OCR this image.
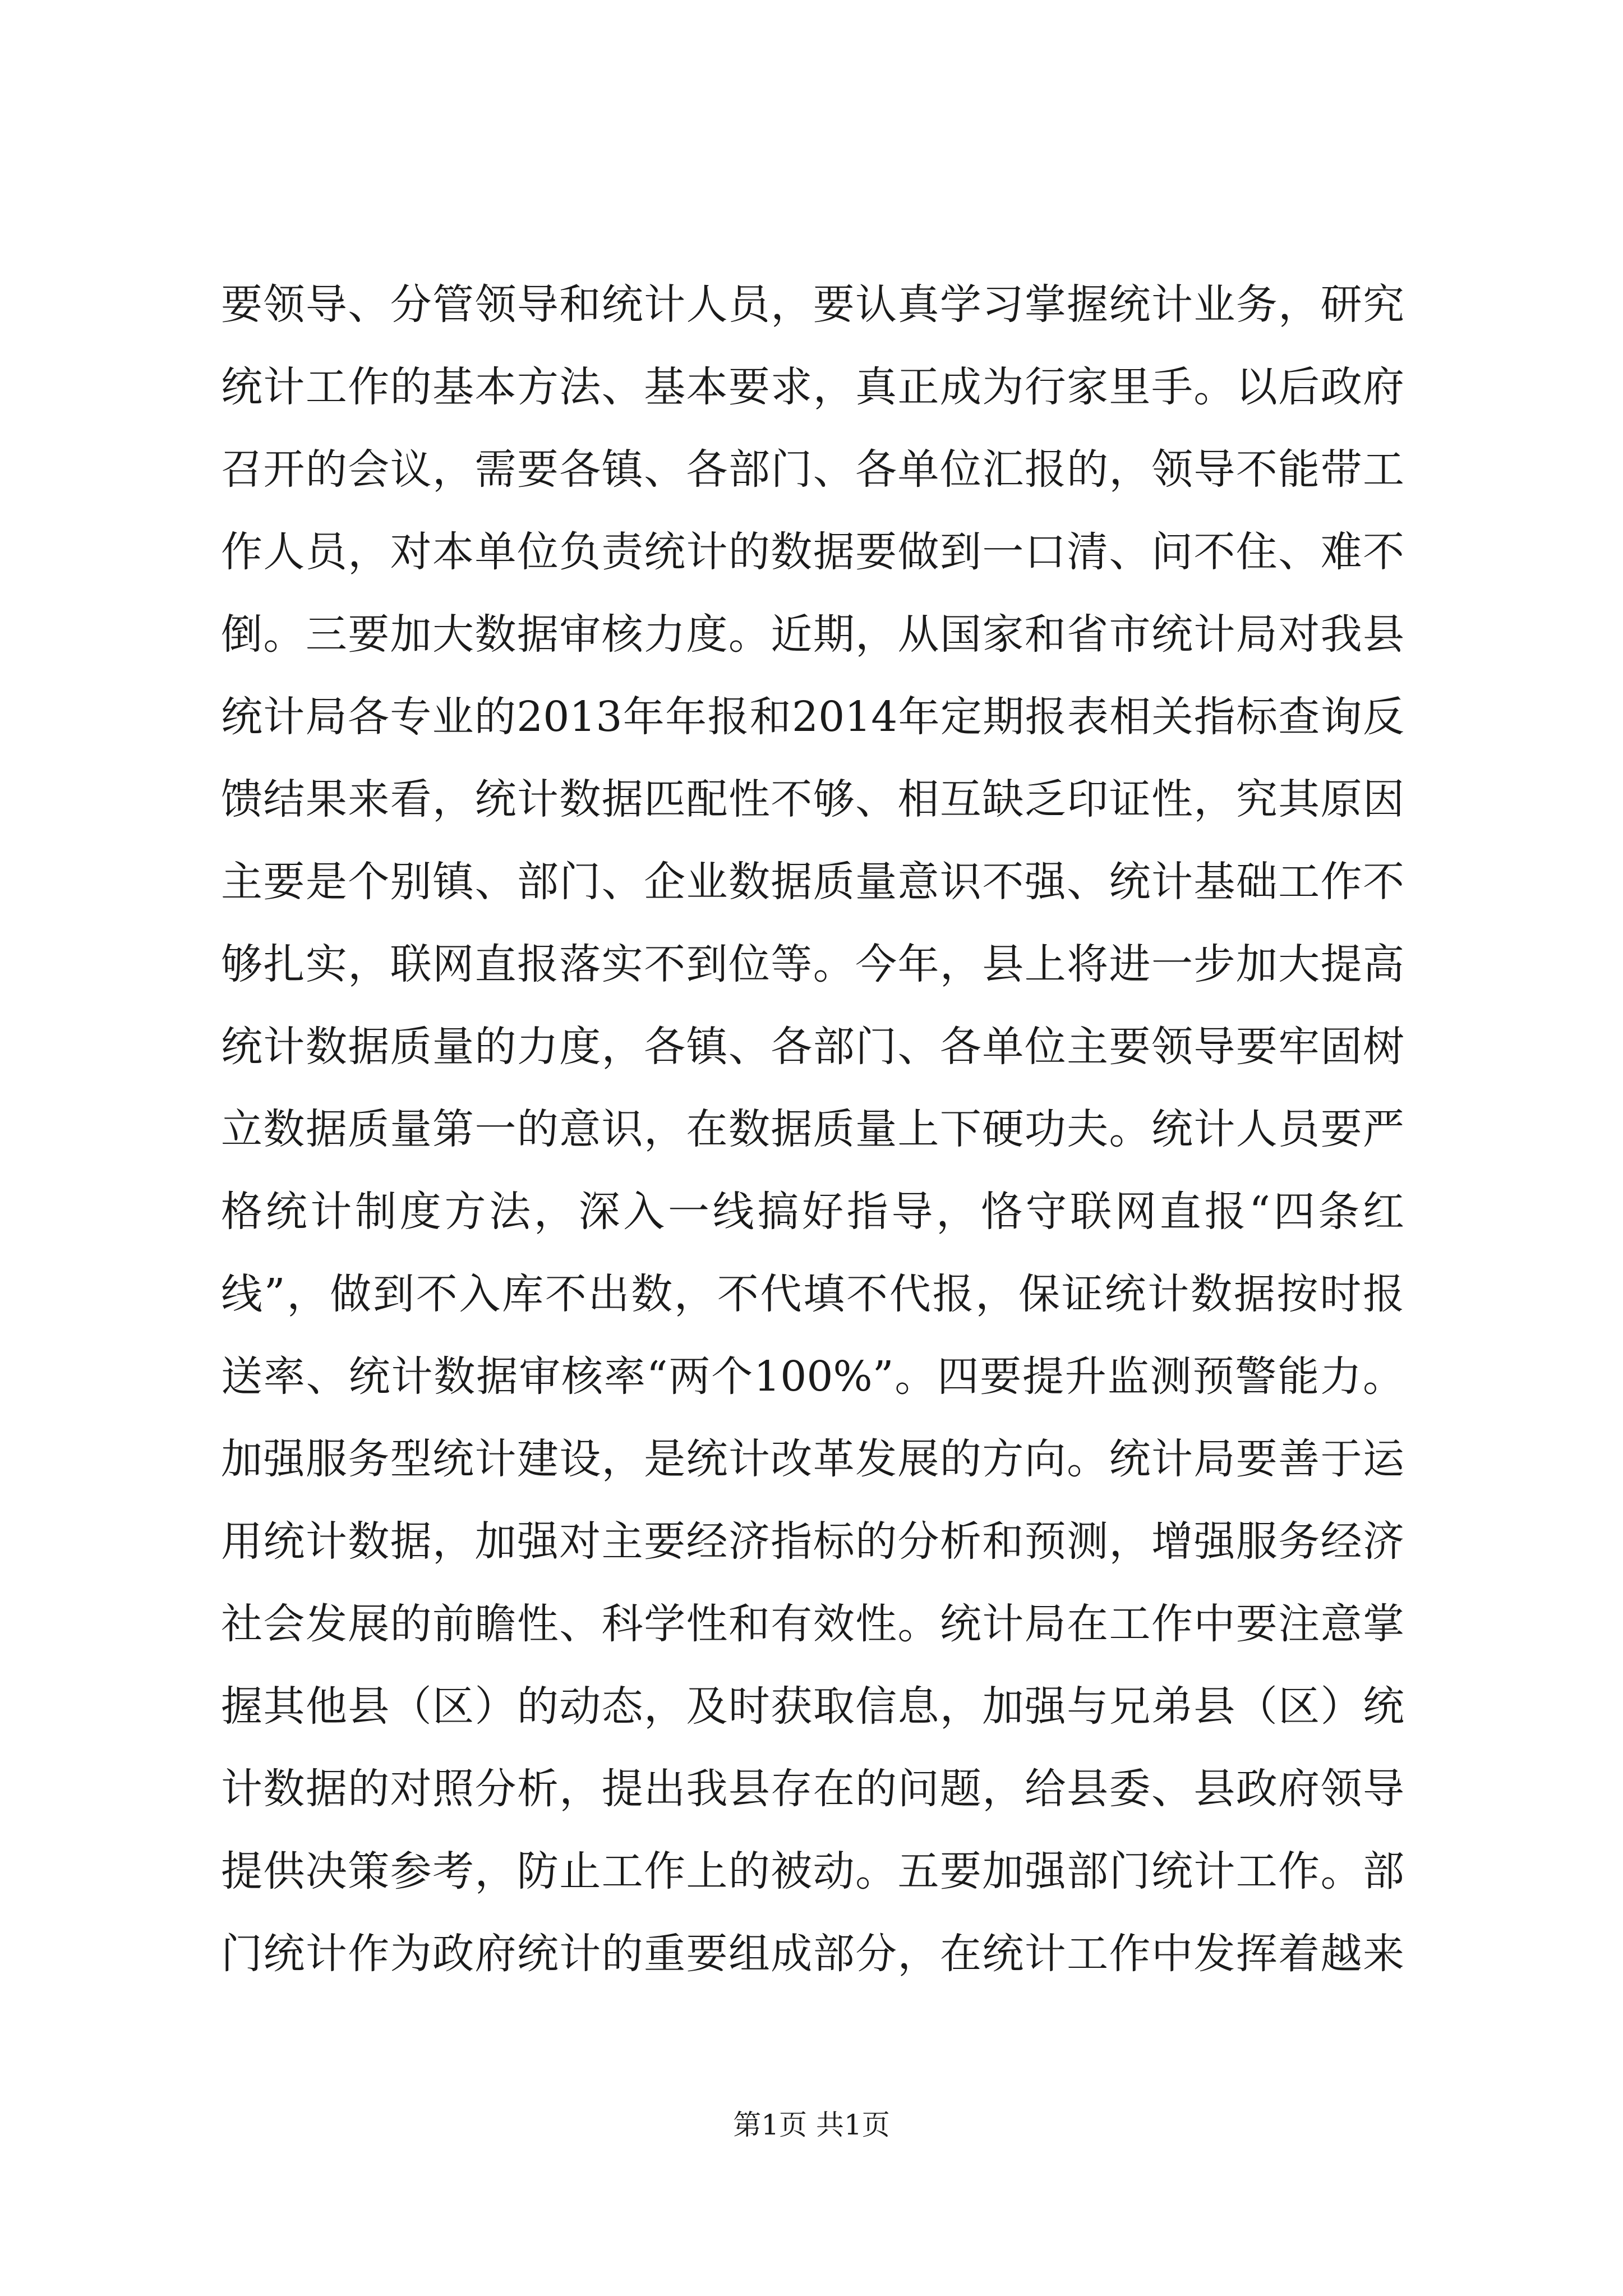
要领导、分管领导和统计人员，要认真学习掌握统计业务，研究
统计工作的基本方法、基本要求，真正成为行家里手。以后政府
召开的会议，需要各镇、各部门、各单位汇报的，领导不能带工
作人员，对本单位负责统计的数据要做到一口清、问不住、难不
倒。三要加大数据审核力度。近期，从国家和省市统计局对我县
统计局各专业的2013年年报和2014年定期报表相关指标查询反
馈结果来看，统计数据匹配性不够、相互缺乏印证性，究其原因
主要是个别镇、部门、企业数据质量意识不强、统计基础工作不
够扎实，联网直报落实不到位等。今年，县上将进一步加大提高
统计数据质量的力度，各镇、各部门、各单位主要领导要牢固树
立数据质量第一的意识，在数据质量上下硬功夫。统计人员要严
格统计制度方法，深入一线搞好指导，恪守联网直报“四条红
线”，做到不入库不出数，不代填不代报，保证统计数据按时报
送率、统计数据审核率“两个100%”。四要提升监测预警能力。
加强服务型统计建设，是统计改革发展的方向。统计局要善于运
用统计数据，加强对主要经济指标的分析和预测，增强服务经济
社会发展的前瞻性、科学性和有效性。统计局在工作中要注意掌
握其他县（区）的动态，及时获取信息，加强与兄弟县（区）统
计数据的对照分析，提出我县存在的问题，给县委、县政府领导
提供决策参考，防止工作上的被动。五要加强部门统计工作。部
门统计作为政府统计的重要组成部分，在统计工作中发挥着越来
第1页 共1页
